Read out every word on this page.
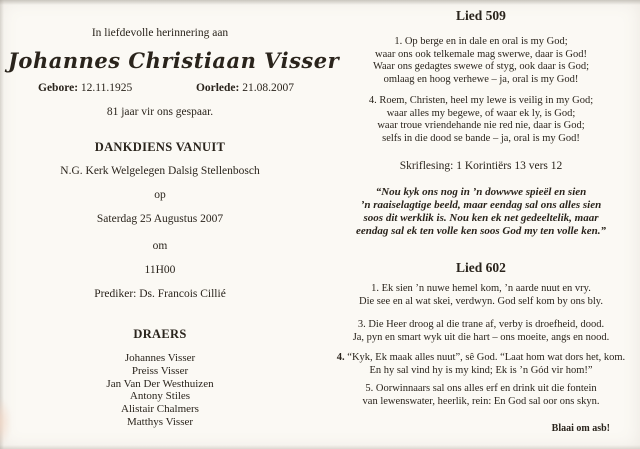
In liefdevolle herinnering aan
Johannes Christiaan Visser
Gebore: 12.11.1925	Oorlede: 21.08.2007
81 jaar vir ons gespaar.
DANKDIENS VANUIT
N.G. Kerk Welgelegen Dalsig Stellenbosch
op
Saterdag 25 Augustus 2007
om
11H00
Prediker: Ds. Francois Cillié
DRAERS
Johannes Visser
Preiss Visser
Jan Van Der Westhuizen
Antony Stiles
Alistair Chalmers
Matthys Visser
Lied 509
1. Op berge en in dale en oral is my God;
waar ons ook telkemale mag swerwe, daar is God!
Waar ons gedagtes swewe of styg, ook daar is God;
omlaag en hoog verhewe – ja, oral is my God!
4. Roem, Christen, heel my lewe is veilig in my God;
waar alles my begewe, of waar ek ly, is God;
waar troue vriendehande nie red nie, daar is God;
selfs in die dood se bande – ja, oral is my God!
Skriflesing: 1 Korintiërs 13 vers 12
“Nou kyk ons nog in ’n dowwwe spieël en sien
’n raaiselagtige beeld, maar eendag sal ons alles sien
soos dit werklik is. Nou ken ek net gedeeltelik, maar
eendag sal ek ten volle ken soos God my ten volle ken.”
Lied 602
1. Ek sien ’n nuwe hemel kom, ’n aarde nuut en vry.
Die see en al wat skei, verdwyn. God self kom by ons bly.
3. Die Heer droog al die trane af, verby is droefheid, dood.
Ja, pyn en smart wyk uit die hart – ons moeite, angs en nood.
4. “Kyk, Ek maak alles nuut”, sê God. “Laat hom wat dors het, kom.
En hy sal vind hy is my kind; Ek is ’n Gód vir hom!”
5. Oorwinnaars sal ons alles erf en drink uit die fontein
van lewenswater, heerlik, rein: En God sal oor ons skyn.
Blaai om asb!
